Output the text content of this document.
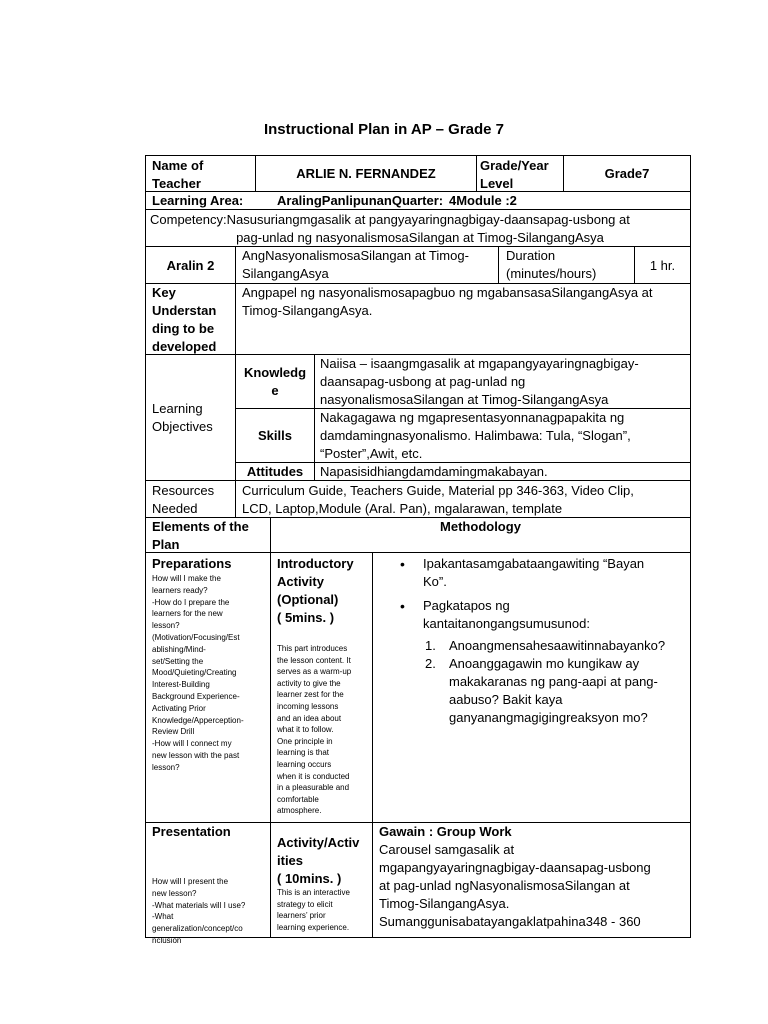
Instructional Plan in AP – Grade 7
Name of
Teacher
ARLIE N. FERNANDEZ
Grade/Year
Level
Grade7
Learning Area:	AralingPanlipunanQuarter: 4Module :2
Competency:Nasusuriangmgasalik at pangyayaringnagbigay-daansapag-usbong at
pag-unlad ng nasyonalismosaSilangan at Timog-SilangangAsya
Aralin 2
AngNasyonalismosaSilangan at Timog-
SilangangAsya
Duration
(minutes/hours)
1 hr.
Key
Understan
ding to be
developed
Angpapel ng nasyonalismosapagbuo ng mgabansasaSilangangAsya at
Timog-SilangangAsya.
Learning
Objectives
Knowledg
e
Naiisa – isaangmgasalik at mgapangyayaringnagbigay-
daansapag-usbong at pag-unlad ng
nasyonalismosaSilangan at Timog-SilangangAsya
Skills
Nakagagawa ng mgapresentasyonnanagpapakita ng
damdamingnasyonalismo. Halimbawa: Tula, “Slogan”,
“Poster”,Awit, etc.
Attitudes	Napasisidhiangdamdamingmakabayan.
Resources
Needed
Curriculum Guide, Teachers Guide, Material pp 346-363, Video Clip,
LCD, Laptop,Module (Aral. Pan), mgalarawan, template
Elements of the
Plan
Methodology
Preparations
How will I make the
learners ready?
-How do I prepare the
learners for the new
lesson?
(Motivation/Focusing/Est
ablishing/Mind-
set/Setting the
Mood/Quieting/Creating
Interest-Building
Background Experience-
Activating Prior
Knowledge/Apperception-
Review Drill
-How will I connect my
new lesson with the past
lesson?
Introductory
Activity
(Optional)
( 5mins. )
This part introduces
the lesson content. It
serves as a warm-up
activity to give the
learner zest for the
incoming lessons
and an idea about
what it to follow.
One principle in
learning is that
learning occurs
when it is conducted
in a pleasurable and
comfortable
atmosphere.
• Ipakantasamgabataangawiting “Bayan
Ko”.
• Pagkatapos ng
kantaitanongangsumusunod:
1. Anoangmensahesaawitinnabayanko?
2. Anoanggagawin mo kungikaw ay
makakaranas ng pang-aapi at pang-
aabuso? Bakit kaya
ganyanangmagigingreaksyon mo?
Presentation
How will I present the
new lesson?
-What materials will I use?
-What
generalization/concept/co
nclusion
Activity/Activ
ities
( 10mins. )
This is an interactive
strategy to elicit
learners’ prior
learning experience.
Gawain : Group Work
Carousel samgasalik at
mgapangyayaringnagbigay-daansapag-usbong
at pag-unlad ngNasyonalismosaSilangan at
Timog-SilangangAsya.
Sumanggunisabatayangaklatpahina348 - 360
